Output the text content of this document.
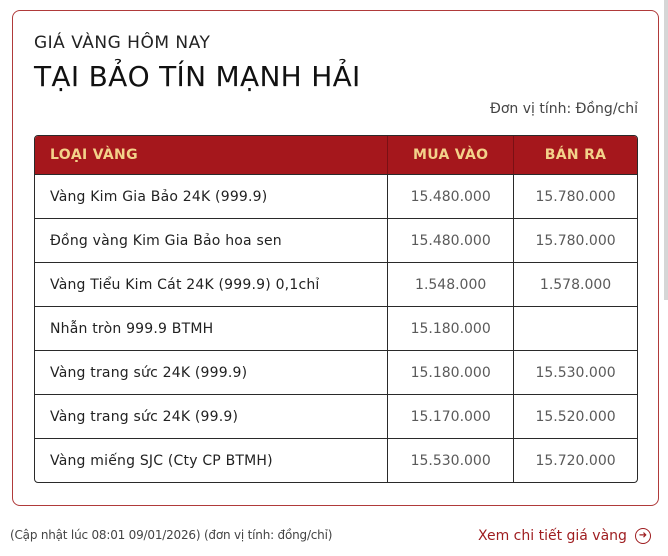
GIÁ VÀNG HÔM NAY
TẠI BẢO TÍN MẠNH HẢI
Đơn vị tính: Đồng/chỉ
LOẠI VÀNG	MUA VÀO	BÁN RA
Vàng Kim Gia Bảo 24K (999.9)	15.480.000	15.780.000
Đồng vàng Kim Gia Bảo hoa sen	15.480.000	15.780.000
Vàng Tiểu Kim Cát 24K (999.9) 0,1chỉ	1.548.000	1.578.000
Nhẫn tròn 999.9 BTMH	15.180.000	
Vàng trang sức 24K (999.9)	15.180.000	15.530.000
Vàng trang sức 24K (99.9)	15.170.000	15.520.000
Vàng miếng SJC (Cty CP BTMH)	15.530.000	15.720.000
(Cập nhật lúc 08:01 09/01/2026) (đơn vị tính: đồng/chỉ)	Xem chi tiết giá vàng	➜
